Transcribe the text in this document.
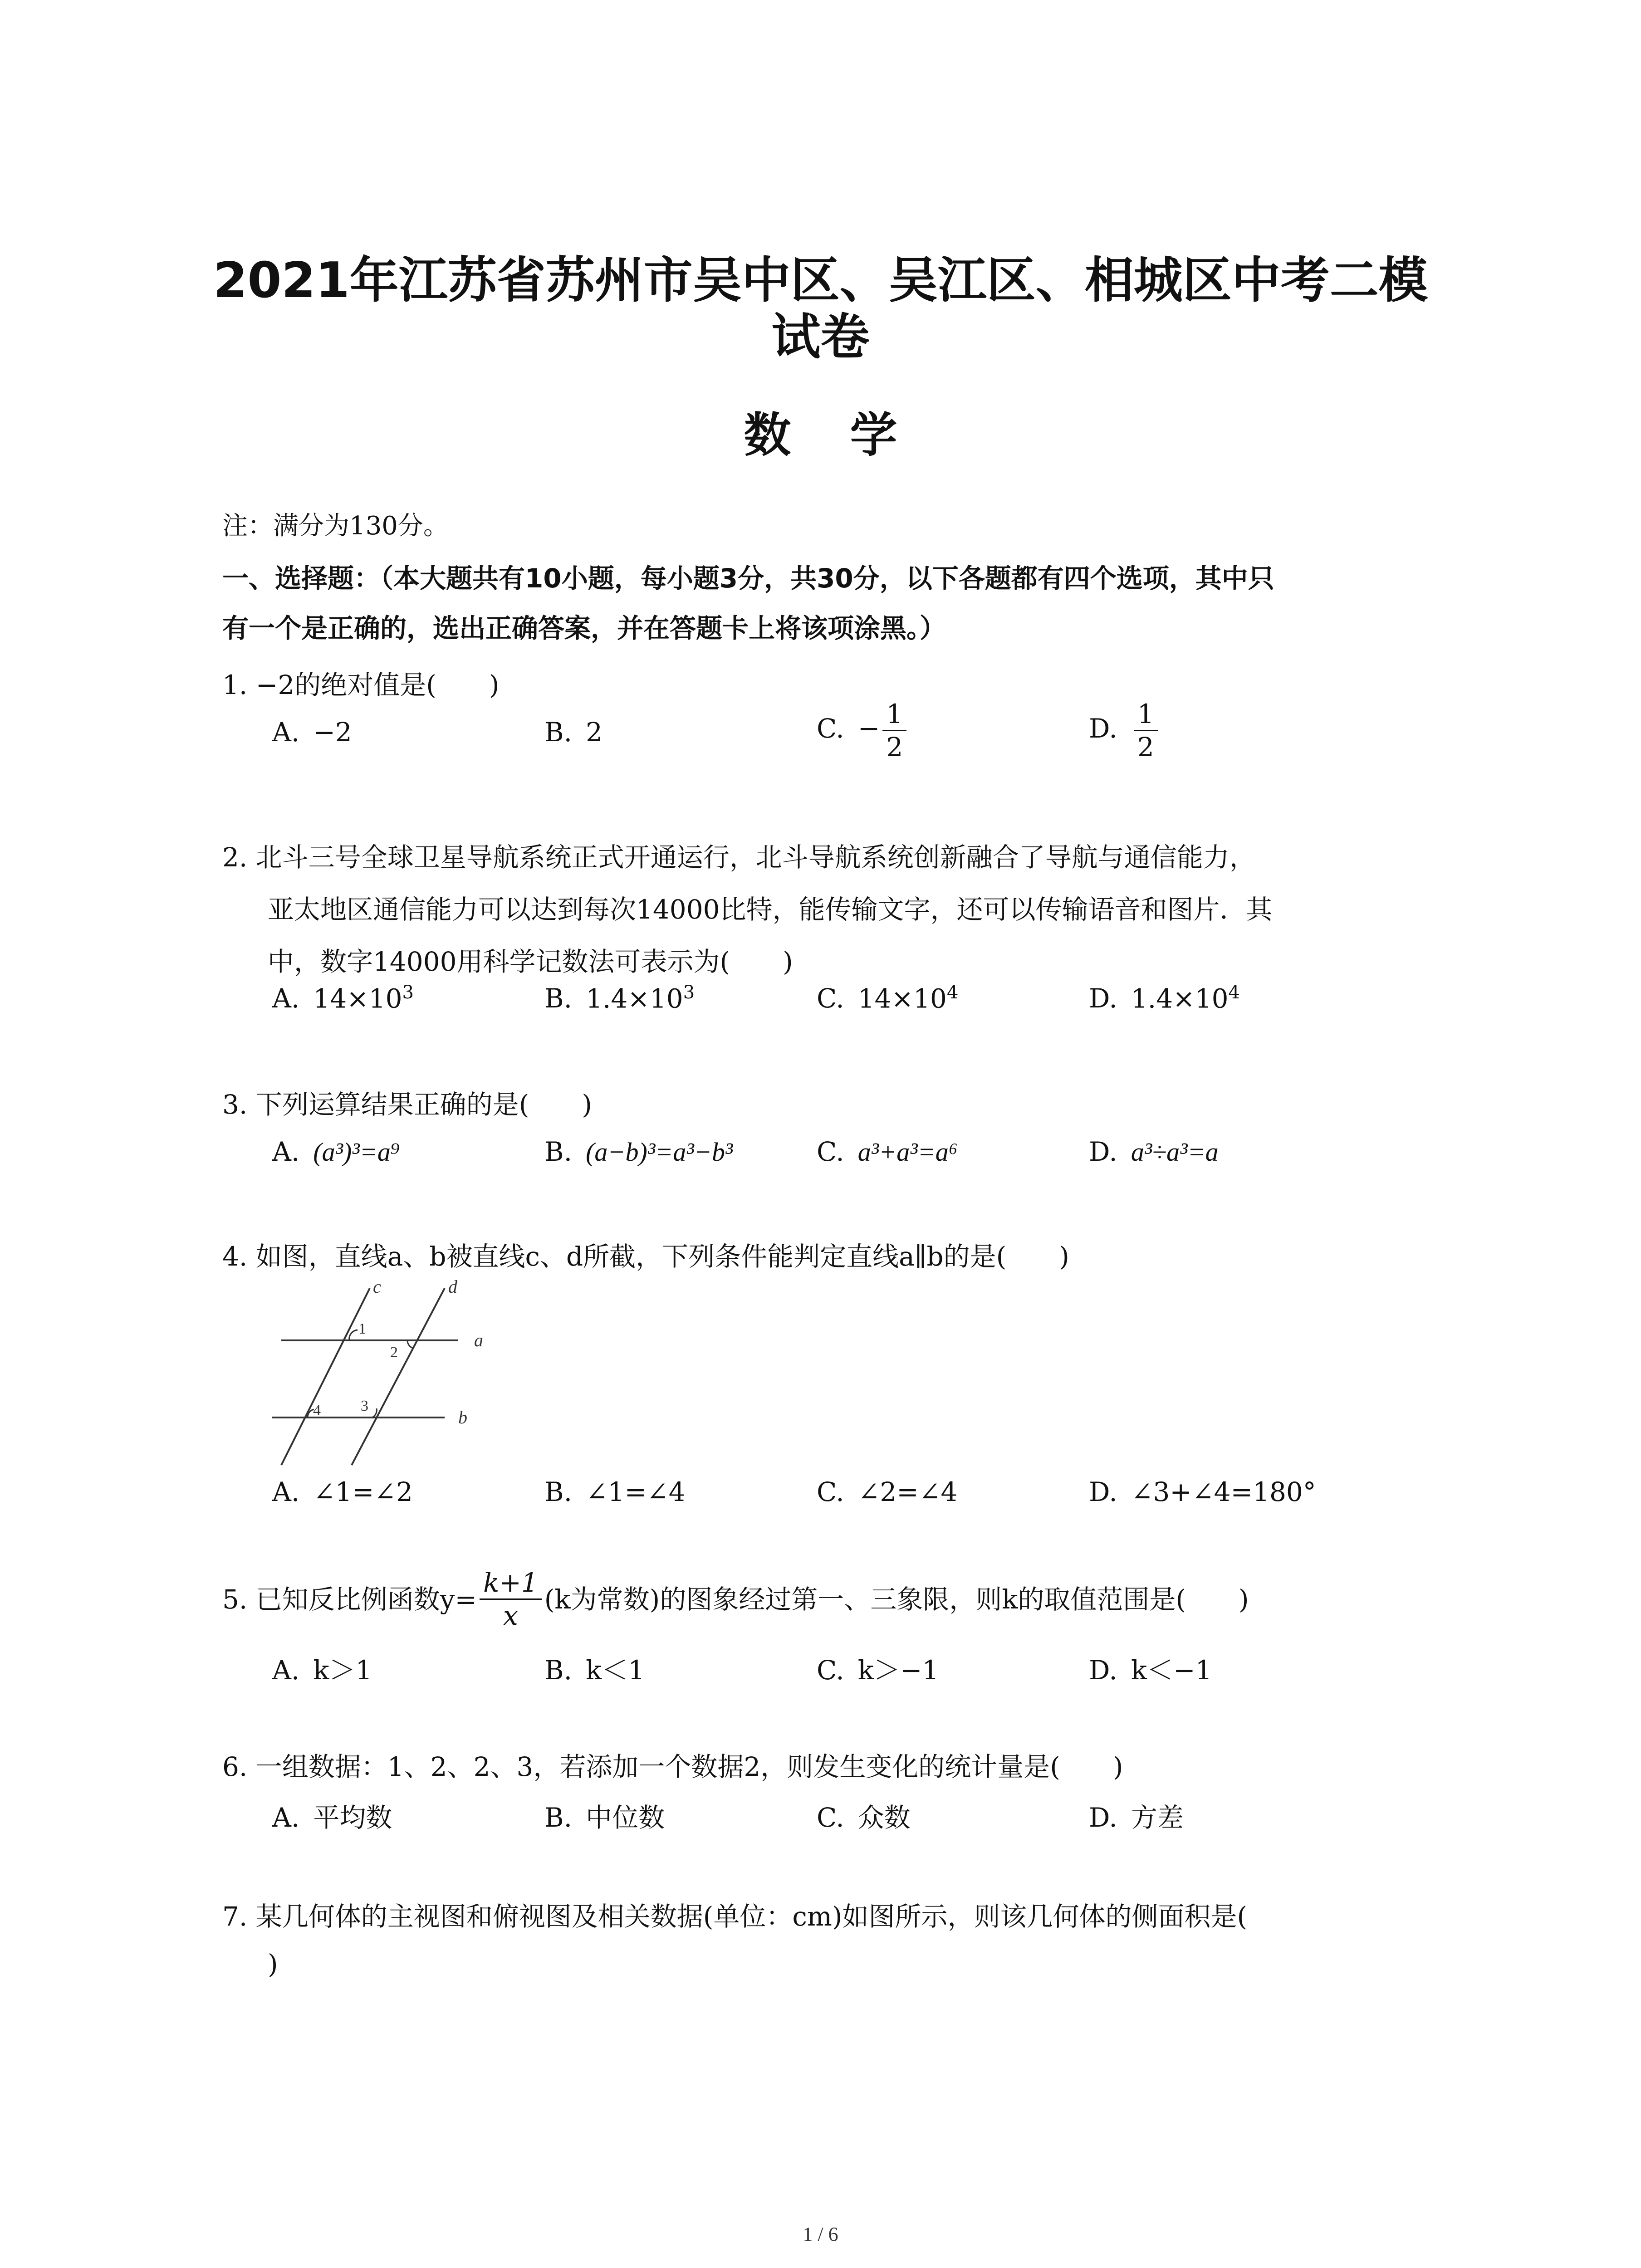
2021年江苏省苏州市吴中区、吴江区、相城区中考二模
试卷
数学
注：满分为130分。
一、选择题：（本大题共有10小题，每小题3分，共30分，以下各题都有四个选项，其中只
有一个是正确的，选出正确答案，并在答题卡上将该项涂黑。）
1. −2的绝对值是(　　)
A. −2	B. 2	C. − $\frac{1}{2}$	D. $\frac{1}{2}$
2. 北斗三号全球卫星导航系统正式开通运行，北斗导航系统创新融合了导航与通信能力，
亚太地区通信能力可以达到每次14000比特，能传输文字，还可以传输语音和图片．其
中，数字14000用科学记数法可表示为(　　)
A. $14\times 10^3$	B. $1.4\times 10^3$	C. $14\times 10^4$	D. $1.4\times 10^4$
3. 下列运算结果正确的是(　　)
A. (a³)³=a⁹	B. (a−b)³=a³−b³	C. a³+a³=a⁶	D. a³÷a³=a
4. 如图，直线a、b被直线c、d所截，下列条件能判定直线a∥b的是(　　)
c	d
a
b
1
2
3
4
A. ∠1=∠2	B. ∠1=∠4	C. ∠2=∠4	D. ∠3+∠4=180°
5. 已知反比例函数$y= \frac{k+1}{x} (k$为常数)的图象经过第一、三象限，则k的取值范围是(　　)
A. k＞1	B. k＜1	C. k＞−1	D. k＜−1
6. 一组数据：1、2、2、3，若添加一个数据2，则发生变化的统计量是(　　)
A. 平均数	B. 中位数	C. 众数	D. 方差
7. 某几何体的主视图和俯视图及相关数据(单位：cm)如图所示，则该几何体的侧面积是(
)
1 / 6
